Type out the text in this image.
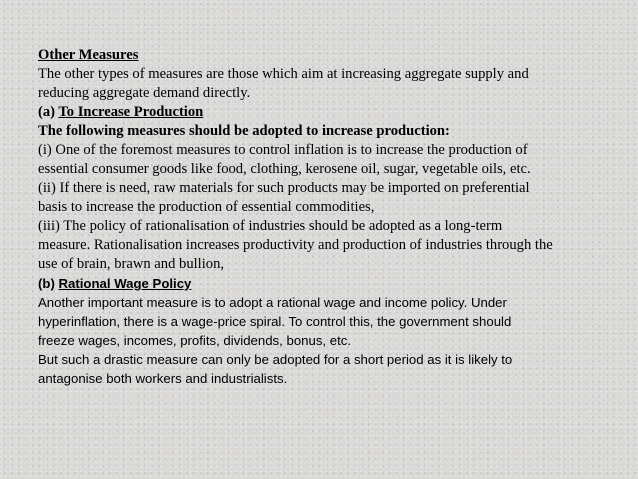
Other Measures
The other types of measures are those which aim at increasing aggregate supply and
reducing aggregate demand directly.
(a) To Increase Production
The following measures should be adopted to increase production:
(i) One of the foremost measures to control inflation is to increase the production of
essential consumer goods like food, clothing, kerosene oil, sugar, vegetable oils, etc.
(ii) If there is need, raw materials for such products may be imported on preferential
basis to increase the production of essential commodities,
(iii) The policy of rationalisation of industries should be adopted as a long-term
measure. Rationalisation increases productivity and production of industries through the
use of brain, brawn and bullion,
(b) Rational Wage Policy
Another important measure is to adopt a rational wage and income policy. Under
hyperinflation, there is a wage-price spiral. To control this, the government should
freeze wages, incomes, profits, dividends, bonus, etc.
But such a drastic measure can only be adopted for a short period as it is likely to
antagonise both workers and industrialists.
